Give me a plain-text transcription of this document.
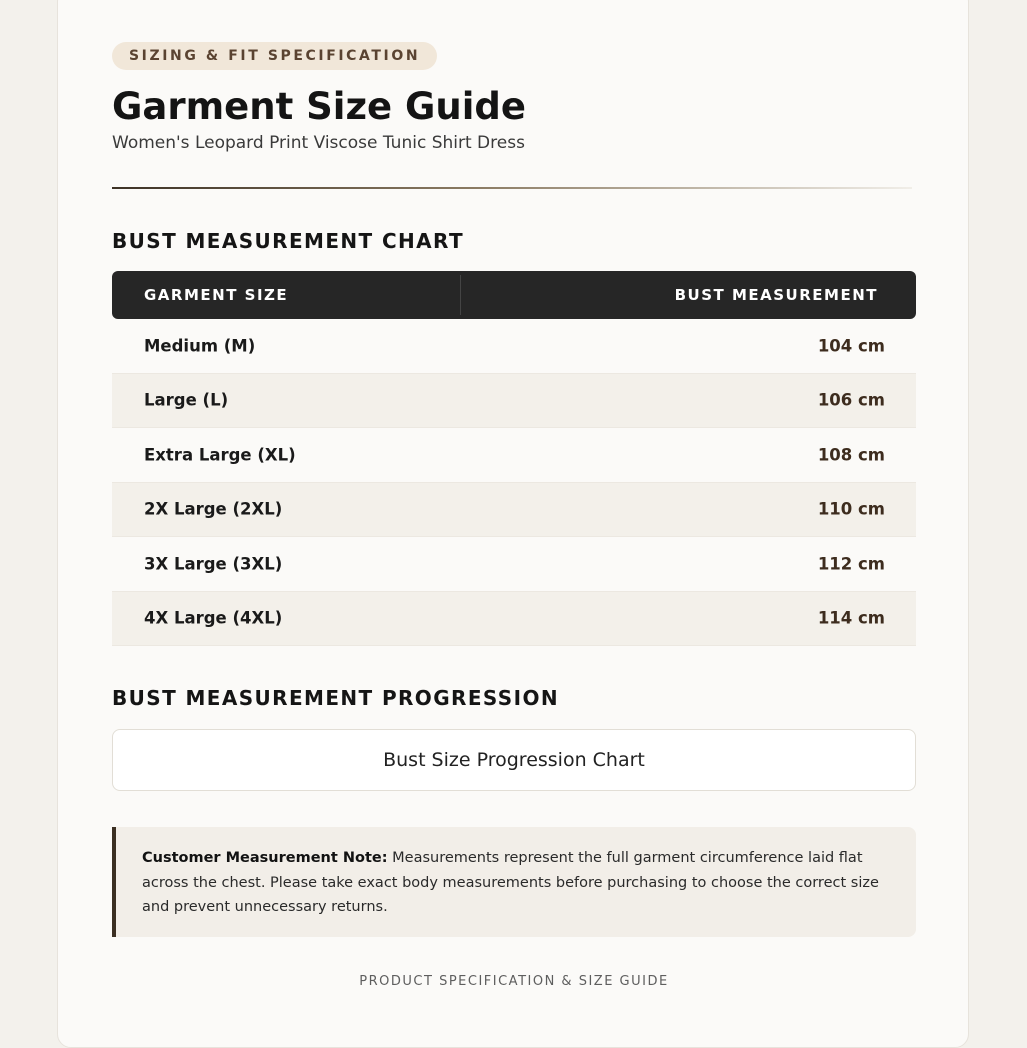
SIZING & FIT SPECIFICATION
Garment Size Guide
Women's Leopard Print Viscose Tunic Shirt Dress
BUST MEASUREMENT CHART
GARMENT SIZE	BUST MEASUREMENT
Medium (M)	104 cm
Large (L)	106 cm
Extra Large (XL)	108 cm
2X Large (2XL)	110 cm
3X Large (3XL)	112 cm
4X Large (4XL)	114 cm
BUST MEASUREMENT PROGRESSION
Bust Size Progression Chart
Customer Measurement Note: Measurements represent the full garment circumference laid flat across the chest. Please take exact body measurements before purchasing to choose the correct size and prevent unnecessary returns.
PRODUCT SPECIFICATION & SIZE GUIDE
